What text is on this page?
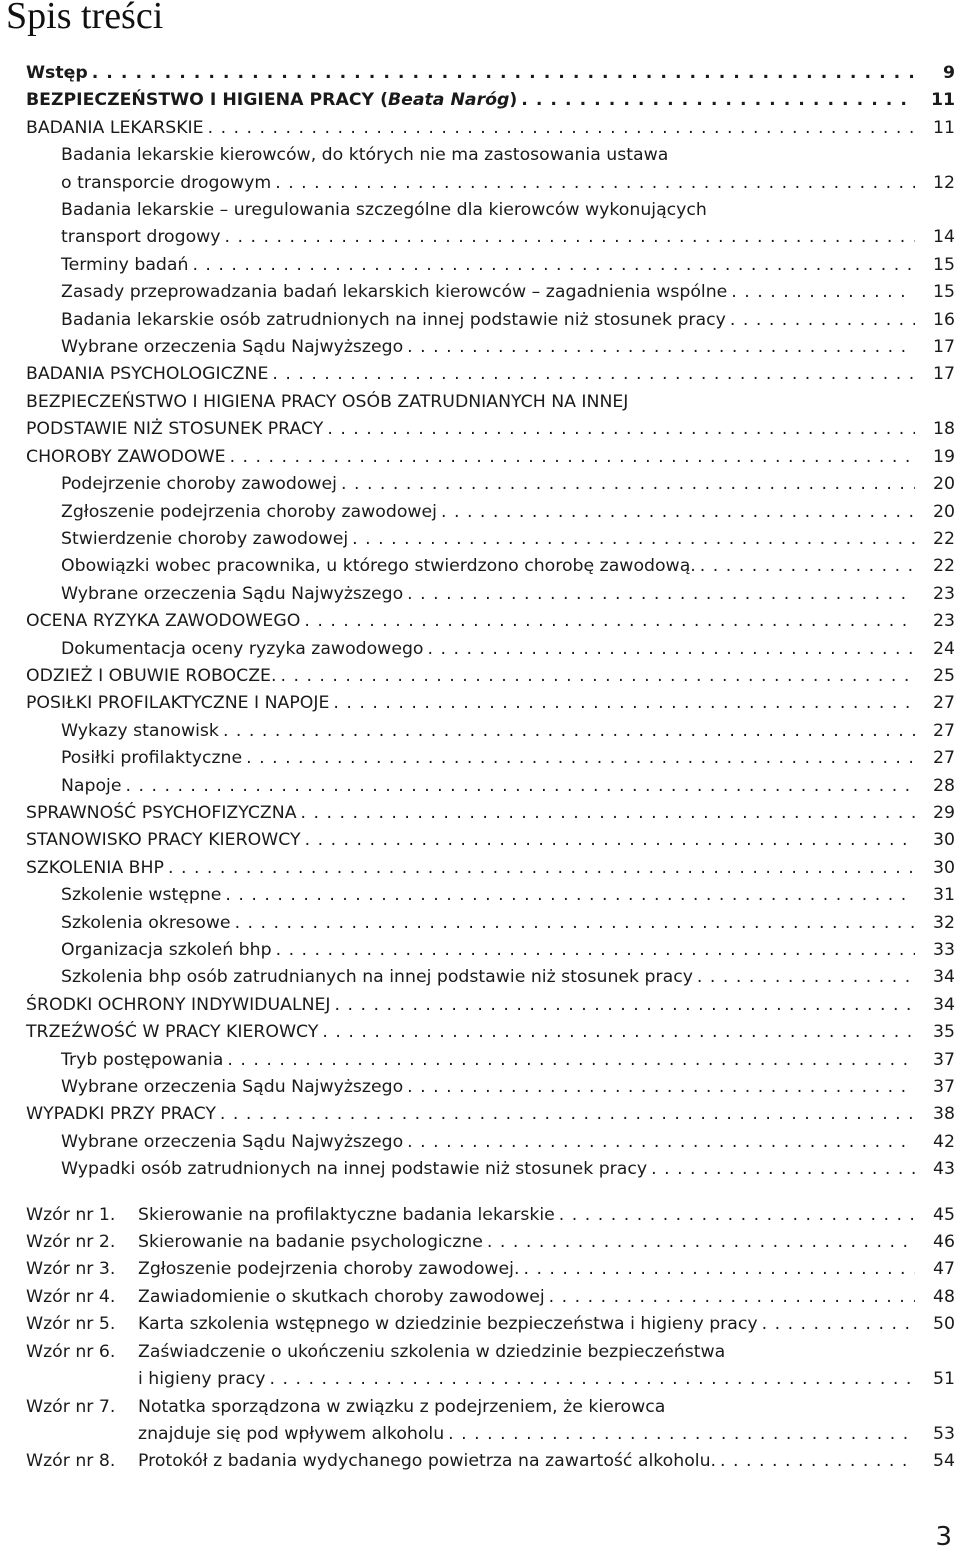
Spis treści
Wstęp . . .	9
BEZPIECZEŃSTWO I HIGIENA PRACY (Beata Naróg) . . .	11
BADANIA LEKARSKIE . . .	11
Badania lekarskie kierowców, do których nie ma zastosowania ustawa
o transporcie drogowym . . .	12
Badania lekarskie – uregulowania szczególne dla kierowców wykonujących
transport drogowy . . .	14
Terminy badań . . .	15
Zasady przeprowadzania badań lekarskich kierowców – zagadnienia wspólne . . .	15
Badania lekarskie osób zatrudnionych na innej podstawie niż stosunek pracy . . .	16
Wybrane orzeczenia Sądu Najwyższego . . .	17
BADANIA PSYCHOLOGICZNE . . .	17
BEZPIECZEŃSTWO I HIGIENA PRACY OSÓB ZATRUDNIANYCH NA INNEJ
PODSTAWIE NIŻ STOSUNEK PRACY . . .	18
CHOROBY ZAWODOWE . . .	19
Podejrzenie choroby zawodowej . . .	20
Zgłoszenie podejrzenia choroby zawodowej . . .	20
Stwierdzenie choroby zawodowej . . .	22
Obowiązki wobec pracownika, u którego stwierdzono chorobę zawodową. . . .	22
Wybrane orzeczenia Sądu Najwyższego . . .	23
OCENA RYZYKA ZAWODOWEGO . . .	23
Dokumentacja oceny ryzyka zawodowego . . .	24
ODZIEŻ I OBUWIE ROBOCZE. . . .	25
POSIŁKI PROFILAKTYCZNE I NAPOJE . . .	27
Wykazy stanowisk . . .	27
Posiłki profilaktyczne . . .	27
Napoje . . .	28
SPRAWNOŚĆ PSYCHOFIZYCZNA . . .	29
STANOWISKO PRACY KIEROWCY . . .	30
SZKOLENIA BHP . . .	30
Szkolenie wstępne . . .	31
Szkolenia okresowe . . .	32
Organizacja szkoleń bhp . . .	33
Szkolenia bhp osób zatrudnianych na innej podstawie niż stosunek pracy . . .	34
ŚRODKI OCHRONY INDYWIDUALNEJ . . .	34
TRZEŹWOŚĆ W PRACY KIEROWCY . . .	35
Tryb postępowania . . .	37
Wybrane orzeczenia Sądu Najwyższego . . .	37
WYPADKI PRZY PRACY . . .	38
Wybrane orzeczenia Sądu Najwyższego . . .	42
Wypadki osób zatrudnionych na innej podstawie niż stosunek pracy . . .	43
Wzór nr 1. Skierowanie na profilaktyczne badania lekarskie . . .	45
Wzór nr 2. Skierowanie na badanie psychologiczne . . .	46
Wzór nr 3. Zgłoszenie podejrzenia choroby zawodowej. . . .	47
Wzór nr 4. Zawiadomienie o skutkach choroby zawodowej . . .	48
Wzór nr 5. Karta szkolenia wstępnego w dziedzinie bezpieczeństwa i higieny pracy . . .	50
Wzór nr 6. Zaświadczenie o ukończeniu szkolenia w dziedzinie bezpieczeństwa
i higieny pracy . . .	51
Wzór nr 7. Notatka sporządzona w związku z podejrzeniem, że kierowca
znajduje się pod wpływem alkoholu . . .	53
Wzór nr 8. Protokół z badania wydychanego powietrza na zawartość alkoholu. . . .	54
3
